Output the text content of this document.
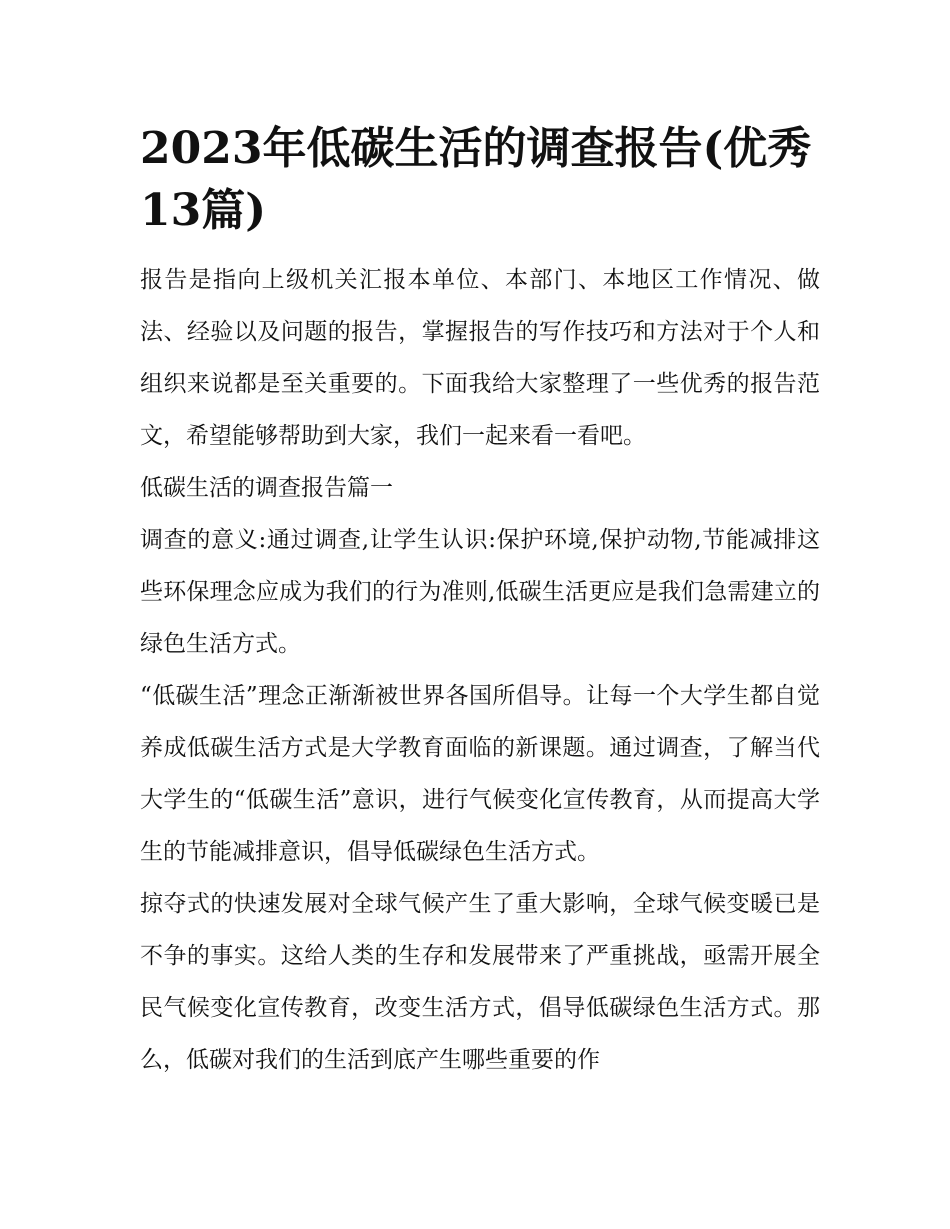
2023年低碳生活的调查报告(优秀13篇)

报告是指向上级机关汇报本单位、本部门、本地区工作情况、做法、经验以及问题的报告，掌握报告的写作技巧和方法对于个人和组织来说都是至关重要的。下面我给大家整理了一些优秀的报告范文，希望能够帮助到大家，我们一起来看一看吧。

低碳生活的调查报告篇一

调查的意义:通过调查,让学生认识:保护环境,保护动物,节能减排这些环保理念应成为我们的行为准则,低碳生活更应是我们急需建立的绿色生活方式。

“低碳生活”理念正渐渐被世界各国所倡导。让每一个大学生都自觉养成低碳生活方式是大学教育面临的新课题。通过调查，了解当代大学生的“低碳生活”意识，进行气候变化宣传教育，从而提高大学生的节能减排意识，倡导低碳绿色生活方式。

掠夺式的快速发展对全球气候产生了重大影响，全球气候变暖已是不争的事实。这给人类的生存和发展带来了严重挑战，亟需开展全民气候变化宣传教育，改变生活方式，倡导低碳绿色生活方式。那么，低碳对我们的生活到底产生哪些重要的作
